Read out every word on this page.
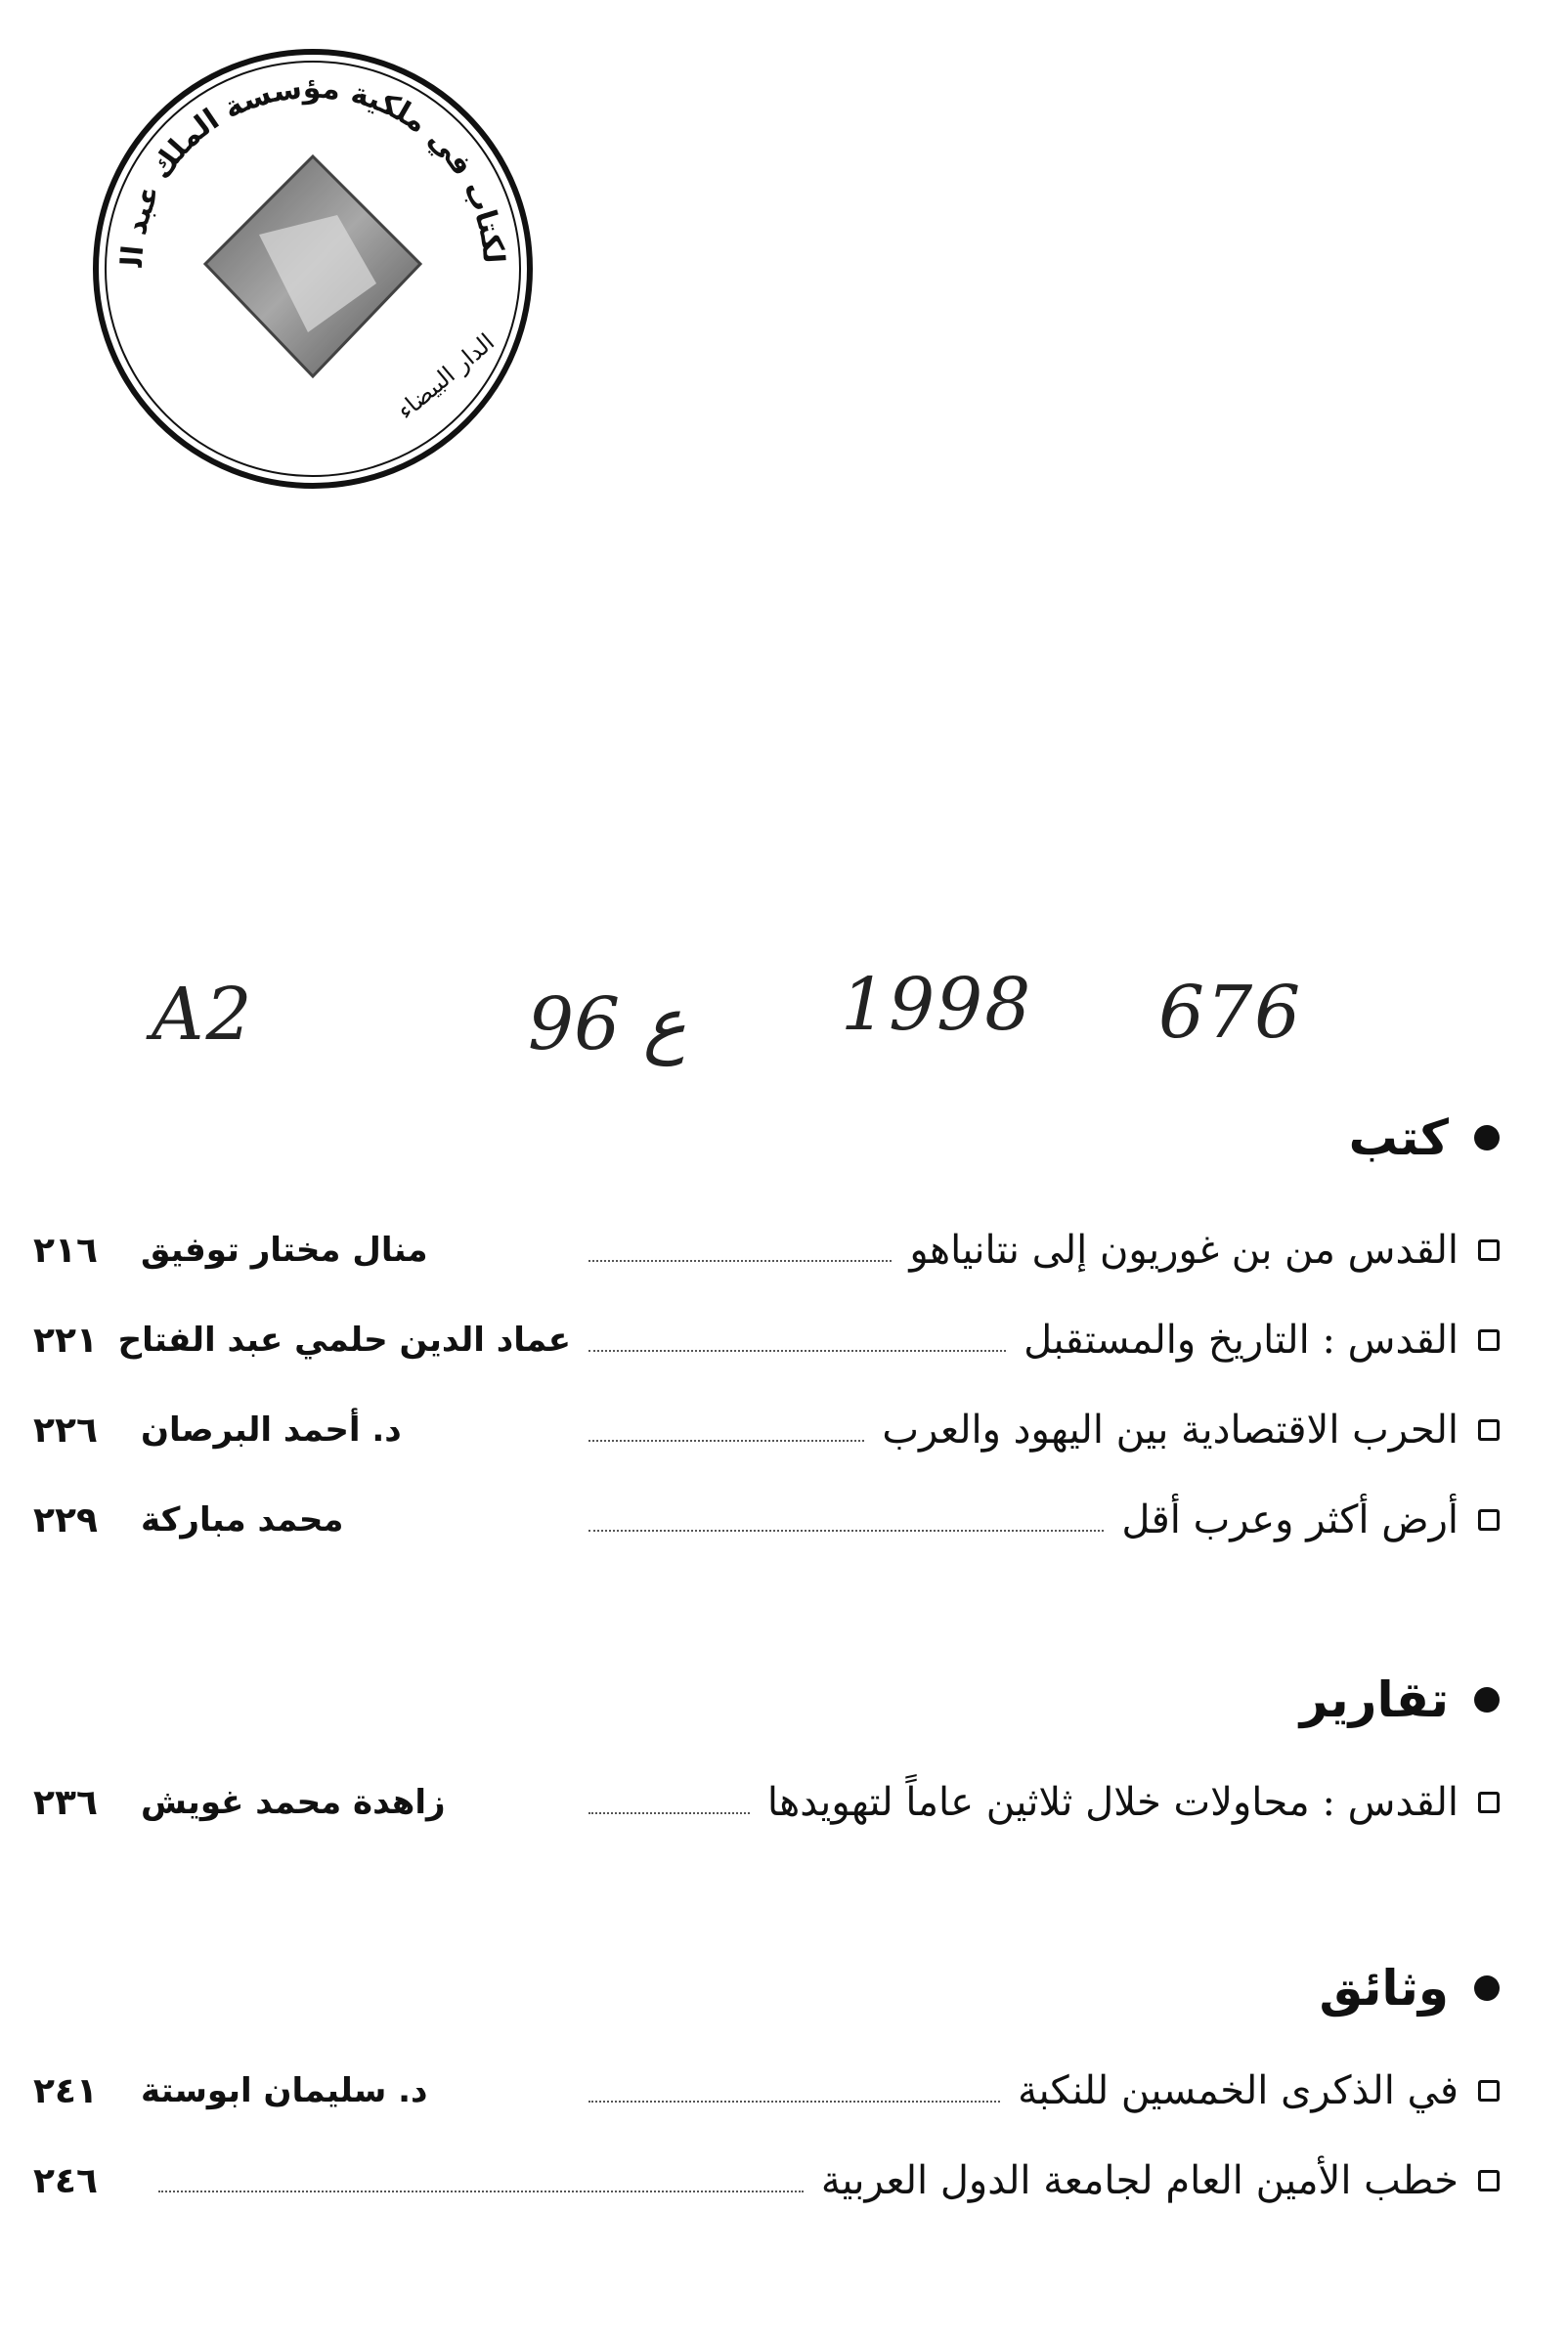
لكتاب في ملكية مؤسسة الملك عبد ال
الدار البيضاء
A2	96 ع 1998 676
كتب
القدس من بن غوريون إلى نتانياهو
منال مختار توفيق
٢١٦
القدس : التاريخ والمستقبل
عماد الدين حلمي عبد الفتاح
٢٢١
الحرب الاقتصادية بين اليهود والعرب
د. أحمد البرصان
٢٢٦
أرض أكثر وعرب أقل
محمد مباركة
٢٢٩
تقارير
القدس : محاولات خلال ثلاثين عاماً لتهويدها
زاهدة محمد غويش
٢٣٦
وثائق
في الذكرى الخمسين للنكبة
د. سليمان ابوستة
٢٤١
خطب الأمين العام لجامعة الدول العربية
٢٤٦
